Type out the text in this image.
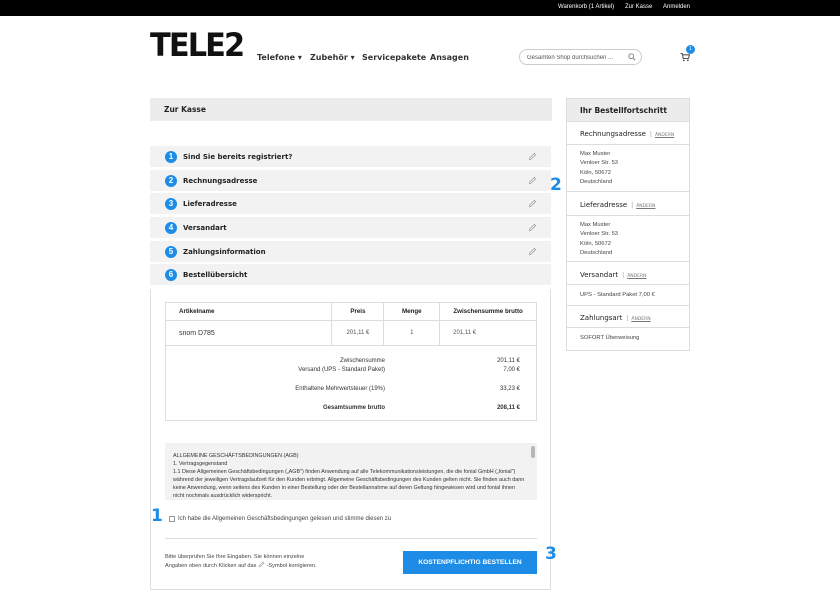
Warenkorb (1 Artikel) Zur Kasse Anmelden
TELE2 Telefone ▾ Zubehör ▾ Servicepakete Ansagen
Gesamten Shop durchsuchen ...
1
Zur Kasse
1	Sind Sie bereits registriert?
2	Rechnungsadresse
3	Lieferadresse
4	Versandart
5	Zahlungsinformation
6	Bestellübersicht
Artikelname	Preis	Menge	Zwischensumme brutto
snom D785	201,11 €	1	201,11 €
Zwischensumme	201,11 €
Versand (UPS - Standard Paket)	7,00 €
Enthaltene Mehrwertsteuer (19%)	33,23 €
Gesamtsumme brutto	208,11 €

ALLGEMEINE GESCHÄFTSBEDINGUNGEN (AGB)
1. Vertragsgegenstand
1.1 Diese Allgemeinen Geschäftsbedingungen („AGB") finden Anwendung auf alle Telekommunikationsleistungen, die die fonial GmbH („fonial") während der jeweiligen Vertragslaufzeit für den Kunden erbringt. Allgemeine Geschäftsbedingungen des Kunden gelten nicht. Sie finden auch dann keine Anwendung, wenn seitens des Kunden in einer Bestellung oder der Bestellannahme auf deren Geltung hingewiesen wird und fonial ihnen nicht nochmals ausdrücklich widerspricht.

Ich habe die Allgemeinen Geschäftsbedingungen gelesen und stimme diesen zu
Bitte überprüfen Sie Ihre Eingaben. Sie können einzelne
Angaben oben durch Klicken auf das -Symbol korrigieren.	KOSTENPFLICHTIG BESTELLEN
1
2
3
Ihr Bestellfortschritt
Rechnungsadresse | ÄNDERN
Max Muster
Venloer Str. 53
Köln, 50672
Deutschland
Lieferadresse | ÄNDERN
Max Muster
Venloer Str. 53
Köln, 50672
Deutschland
Versandart | ÄNDERN
UPS - Standard Paket 7,00 €
Zahlungsart | ÄNDERN
SOFORT Überweisung
